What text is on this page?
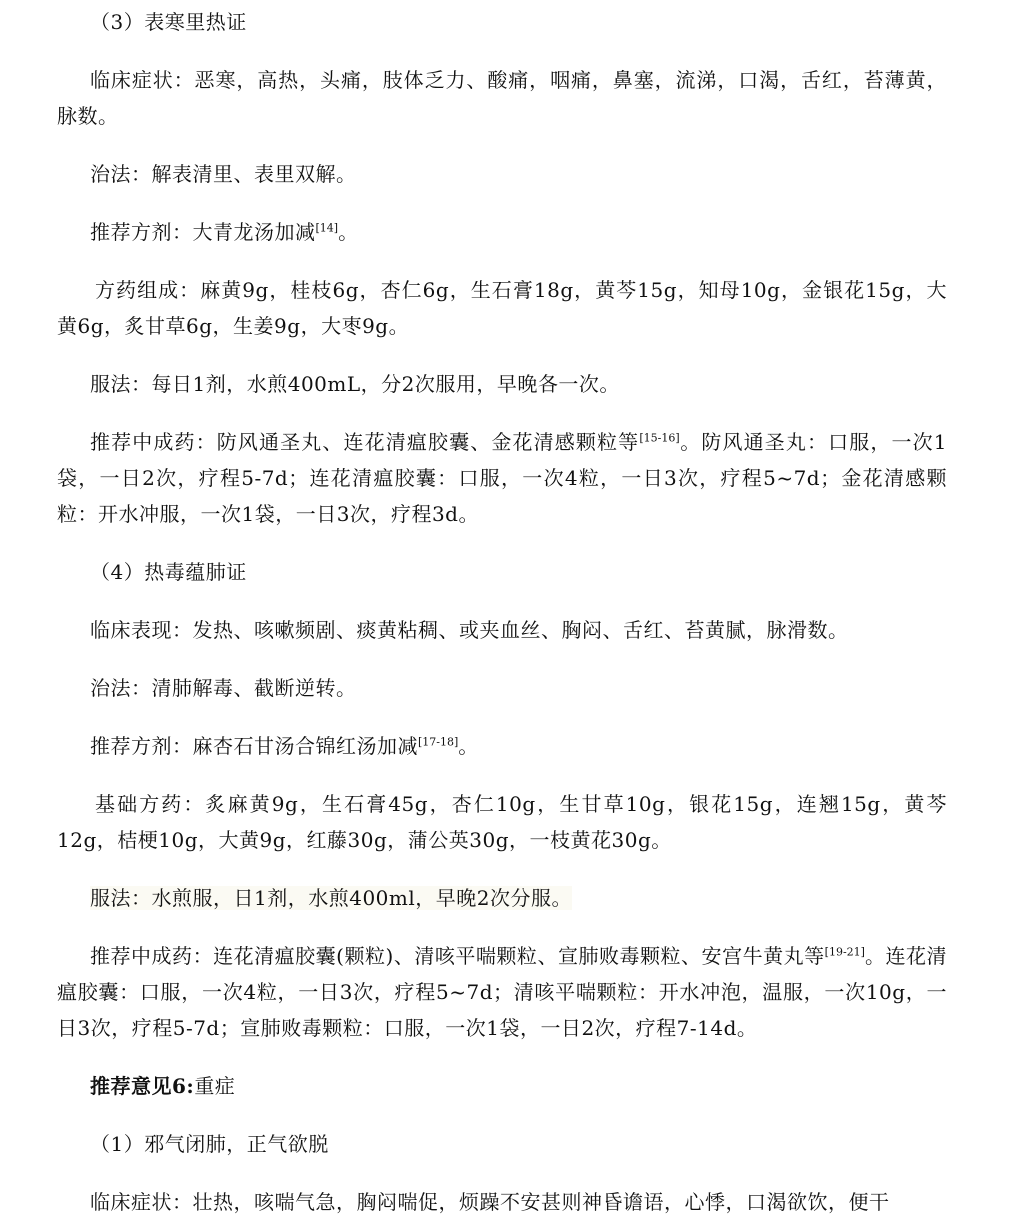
（3）表寒里热证

临床症状：恶寒，高热，头痛，肢体乏力、酸痛，咽痛，鼻塞，流涕，口渴，舌红，苔薄黄，脉数。

治法：解表清里、表里双解。

推荐方剂：大青龙汤加减[14]。

方药组成：麻黄9g，桂枝6g，杏仁6g，生石膏18g，黄芩15g，知母10g，金银花15g，大黄6g，炙甘草6g，生姜9g，大枣9g。

服法：每日1剂，水煎400mL，分2次服用，早晚各一次。

推荐中成药：防风通圣丸、连花清瘟胶囊、金花清感颗粒等[15-16]。防风通圣丸：口服，一次1袋，一日2次，疗程5-7d；连花清瘟胶囊：口服，一次4粒，一日3次，疗程5~7d；金花清感颗粒：开水冲服，一次1袋，一日3次，疗程3d。

（4）热毒蕴肺证

临床表现：发热、咳嗽频剧、痰黄粘稠、或夹血丝、胸闷、舌红、苔黄腻，脉滑数。

治法：清肺解毒、截断逆转。

推荐方剂：麻杏石甘汤合锦红汤加减[17-18]。

基础方药：炙麻黄9g，生石膏45g，杏仁10g，生甘草10g，银花15g，连翘15g，黄芩12g，桔梗10g，大黄9g，红藤30g，蒲公英30g，一枝黄花30g。

服法：水煎服，日1剂，水煎400ml，早晚2次分服。

推荐中成药：连花清瘟胶囊(颗粒)、清咳平喘颗粒、宣肺败毒颗粒、安宫牛黄丸等[19-21]。连花清瘟胶囊：口服，一次4粒，一日3次，疗程5~7d；清咳平喘颗粒：开水冲泡，温服，一次10g，一日3次，疗程5-7d；宣肺败毒颗粒：口服，一次1袋，一日2次，疗程7-14d。

推荐意见6:重症

（1）邪气闭肺，正气欲脱

临床症状：壮热，咳喘气急，胸闷喘促，烦躁不安甚则神昏谵语，心悸，口渴欲饮，便干
